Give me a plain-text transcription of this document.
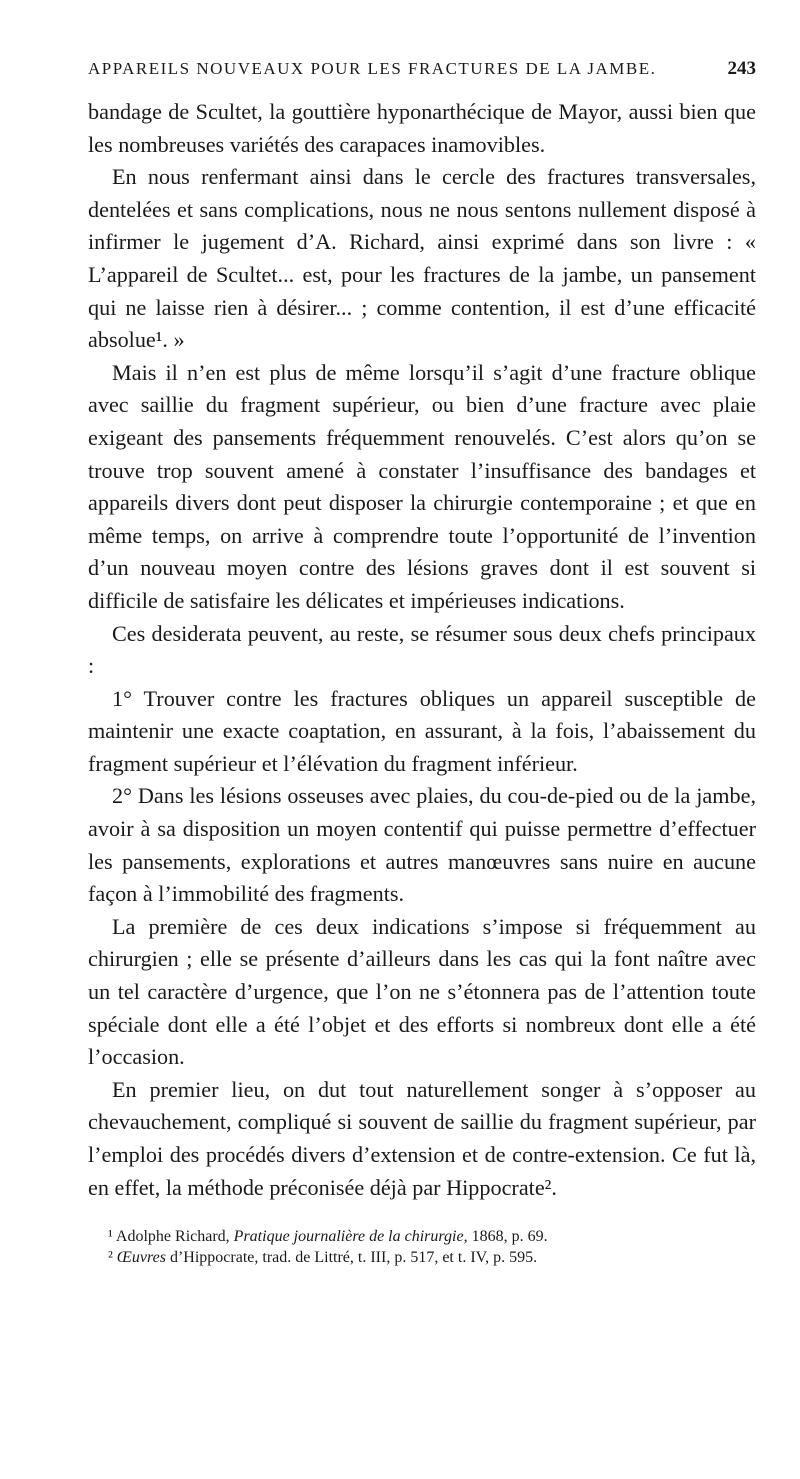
APPAREILS NOUVEAUX POUR LES FRACTURES DE LA JAMBE.	243

bandage de Scultet, la gouttière hyponarthécique de Mayor, aussi bien que les nombreuses variétés des carapaces inamovibles.

En nous renfermant ainsi dans le cercle des fractures transversales, dentelées et sans complications, nous ne nous sentons nullement disposé à infirmer le jugement d’A. Richard, ainsi exprimé dans son livre : « L’appareil de Scultet... est, pour les fractures de la jambe, un pansement qui ne laisse rien à désirer... ; comme contention, il est d’une efficacité absolue¹. »

Mais il n’en est plus de même lorsqu’il s’agit d’une fracture oblique avec saillie du fragment supérieur, ou bien d’une fracture avec plaie exigeant des pansements fréquemment renouvelés. C’est alors qu’on se trouve trop souvent amené à constater l’insuffisance des bandages et appareils divers dont peut disposer la chirurgie contemporaine ; et que en même temps, on arrive à comprendre toute l’opportunité de l’invention d’un nouveau moyen contre des lésions graves dont il est souvent si difficile de satisfaire les délicates et impérieuses indications.

Ces desiderata peuvent, au reste, se résumer sous deux chefs principaux :

1° Trouver contre les fractures obliques un appareil susceptible de maintenir une exacte coaptation, en assurant, à la fois, l’abaissement du fragment supérieur et l’élévation du fragment inférieur.

2° Dans les lésions osseuses avec plaies, du cou-de-pied ou de la jambe, avoir à sa disposition un moyen contentif qui puisse permettre d’effectuer les pansements, explorations et autres manœuvres sans nuire en aucune façon à l’immobilité des fragments.

La première de ces deux indications s’impose si fréquemment au chirurgien ; elle se présente d’ailleurs dans les cas qui la font naître avec un tel caractère d’urgence, que l’on ne s’étonnera pas de l’attention toute spéciale dont elle a été l’objet et des efforts si nombreux dont elle a été l’occasion.

En premier lieu, on dut tout naturellement songer à s’opposer au chevauchement, compliqué si souvent de saillie du fragment supérieur, par l’emploi des procédés divers d’extension et de contre-extension. Ce fut là, en effet, la méthode préconisée déjà par Hippocrate².

¹ Adolphe Richard, Pratique journalière de la chirurgie, 1868, p. 69.

² Œuvres d’Hippocrate, trad. de Littré, t. III, p. 517, et t. IV, p. 595.
